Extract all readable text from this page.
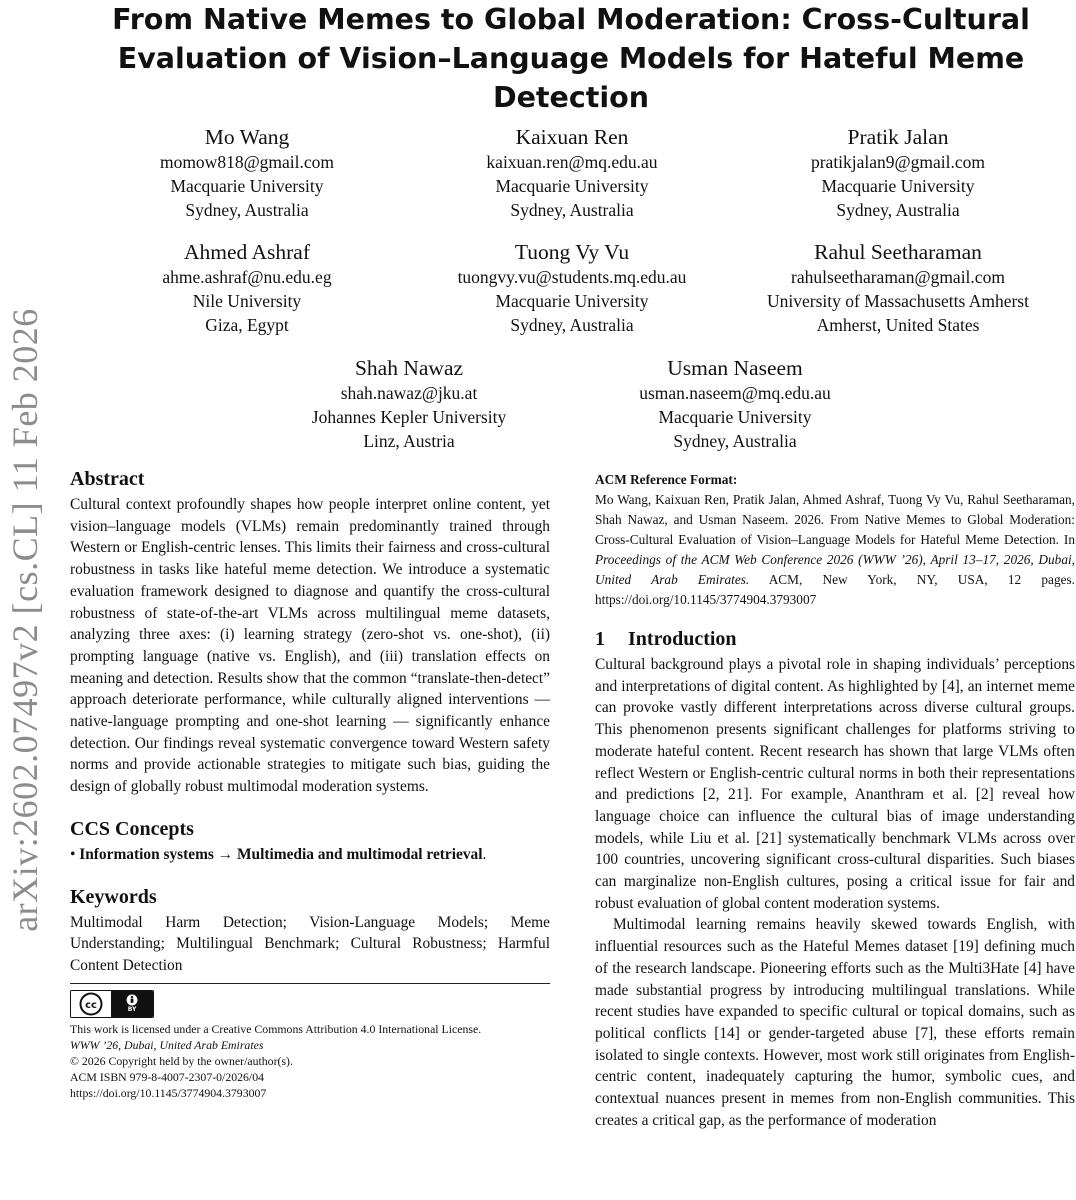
arXiv:2602.07497v2 [cs.CL] 11 Feb 2026
From Native Memes to Global Moderation: Cross-Cultural Evaluation of Vision–Language Models for Hateful Meme Detection
Mo Wang
momow818@gmail.com
Macquarie University
Sydney, Australia
Kaixuan Ren
kaixuan.ren@mq.edu.au
Macquarie University
Sydney, Australia
Pratik Jalan
pratikjalan9@gmail.com
Macquarie University
Sydney, Australia
Ahmed Ashraf
ahme.ashraf@nu.edu.eg
Nile University
Giza, Egypt
Tuong Vy Vu
tuongvy.vu@students.mq.edu.au
Macquarie University
Sydney, Australia
Rahul Seetharaman
rahulseetharaman@gmail.com
University of Massachusetts Amherst
Amherst, United States
Shah Nawaz
shah.nawaz@jku.at
Johannes Kepler University
Linz, Austria
Usman Naseem
usman.naseem@mq.edu.au
Macquarie University
Sydney, Australia
Abstract

Cultural context profoundly shapes how people interpret online content, yet vision–language models (VLMs) remain predominantly trained through Western or English-centric lenses. This limits their fairness and cross-cultural robustness in tasks like hateful meme detection. We introduce a systematic evaluation framework designed to diagnose and quantify the cross-cultural robustness of state-of-the-art VLMs across multilingual meme datasets, analyzing three axes: (i) learning strategy (zero-shot vs. one-shot), (ii) prompting language (native vs. English), and (iii) translation effects on meaning and detection. Results show that the common “translate-then-detect” approach deteriorate performance, while culturally aligned interventions — native-language prompting and one-shot learning — significantly enhance detection. Our findings reveal systematic convergence toward Western safety norms and provide actionable strategies to mitigate such bias, guiding the design of globally robust multimodal moderation systems.

CCS Concepts

• Information systems → Multimedia and multimodal retrieval.

Keywords

Multimodal Harm Detection; Vision-Language Models; Meme Understanding; Multilingual Benchmark; Cultural Robustness; Harmful Content Detection

cc	BY

This work is licensed under a Creative Commons Attribution 4.0 International License.

WWW ’26, Dubai, United Arab Emirates

© 2026 Copyright held by the owner/author(s).

ACM ISBN 979-8-4007-2307-0/2026/04

https://doi.org/10.1145/3774904.3793007

ACM Reference Format:

Mo Wang, Kaixuan Ren, Pratik Jalan, Ahmed Ashraf, Tuong Vy Vu, Rahul Seetharaman, Shah Nawaz, and Usman Naseem. 2026. From Native Memes to Global Moderation: Cross-Cultural Evaluation of Vision–Language Models for Hateful Meme Detection. In Proceedings of the ACM Web Conference 2026 (WWW ’26), April 13–17, 2026, Dubai, United Arab Emirates. ACM, New York, NY, USA, 12 pages. https://doi.org/10.1145/3774904.3793007

1 Introduction

Cultural background plays a pivotal role in shaping individuals’ perceptions and interpretations of digital content. As highlighted by [4], an internet meme can provoke vastly different interpretations across diverse cultural groups. This phenomenon presents significant challenges for platforms striving to moderate hateful content. Recent research has shown that large VLMs often reflect Western or English-centric cultural norms in both their representations and predictions [2, 21]. For example, Ananthram et al. [2] reveal how language choice can influence the cultural bias of image understanding models, while Liu et al. [21] systematically benchmark VLMs across over 100 countries, uncovering significant cross-cultural disparities. Such biases can marginalize non-English cultures, posing a critical issue for fair and robust evaluation of global content moderation systems.

Multimodal learning remains heavily skewed towards English, with influential resources such as the Hateful Memes dataset [19] defining much of the research landscape. Pioneering efforts such as the Multi3Hate [4] have made substantial progress by introducing multilingual translations. While recent studies have expanded to specific cultural or topical domains, such as political conflicts [14] or gender-targeted abuse [7], these efforts remain isolated to single contexts. However, most work still originates from English-centric content, inadequately capturing the humor, symbolic cues, and contextual nuances present in memes from non-English communities. This creates a critical gap, as the performance of moderation
